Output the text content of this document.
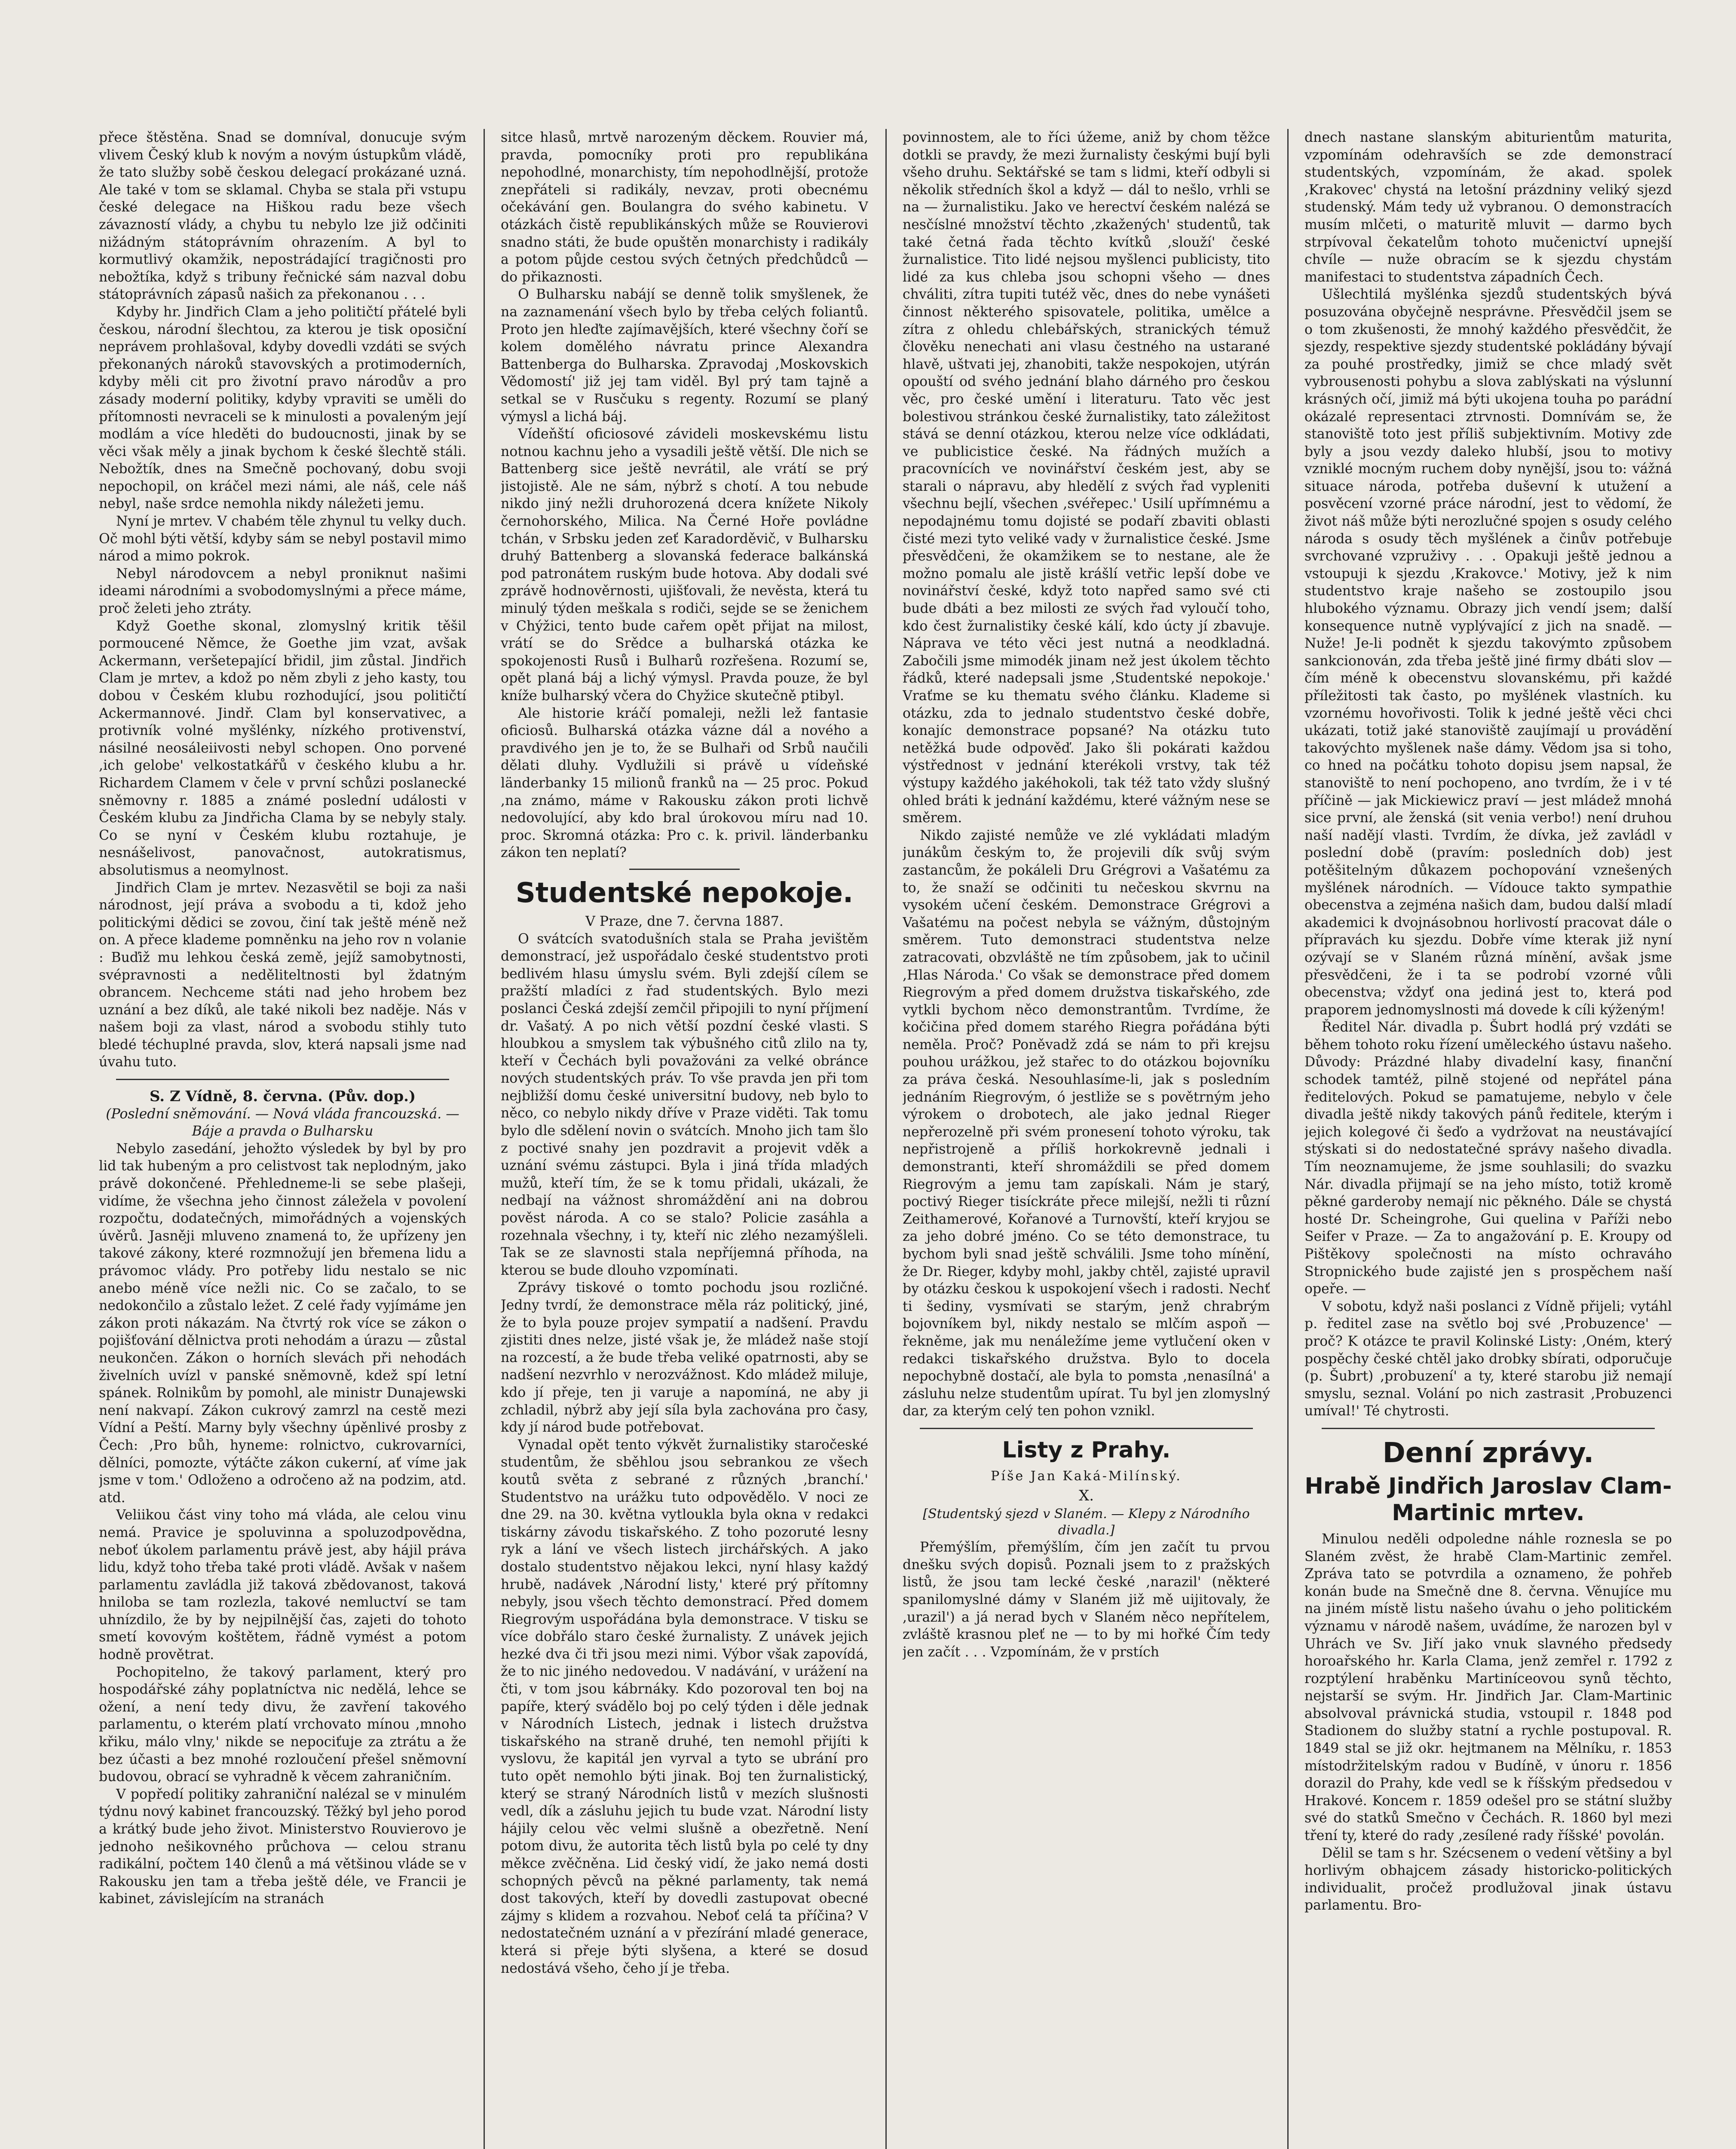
přece štěstěna. Snad se domníval, donucuje svým vlivem Český klub k novým a novým ústupkům vládě, že tato služby sobě českou delegací prokázané uzná. Ale také v tom se sklamal. Chyba se stala při vstupu české delegace na Hiškou radu beze všech závazností vlády, a chybu tu nebylo lze již odčiniti nižádným státoprávním ohrazením. A byl to kormutlivý okamžik, nepostrádající tragičnosti pro nebožtíka, když s tribuny řečnické sám nazval dobu státoprávních zápasů našich za překonanou . . .

Kdyby hr. Jindřich Clam a jeho političtí přátelé byli českou, národní šlechtou, za kterou je tisk oposiční neprávem prohlašoval, kdyby dovedli vzdáti se svých překonaných nároků stavovských a protimoderních, kdyby měli cit pro životní pravo národův a pro zásady moderní politiky, kdyby vpraviti se uměli do přítomnosti nevraceli se k minulosti a povaleným její modlám a více hleděti do budoucnosti, jinak by se věci však měly a jinak bychom k české šlechtě stáli. Nebožtík, dnes na Smečně pochovaný, dobu svoji nepochopil, on kráčel mezi námi, ale náš, cele náš nebyl, naše srdce nemohla nikdy náležeti jemu.

Nyní je mrtev. V chabém těle zhynul tu velky duch. Oč mohl býti větší, kdyby sám se nebyl postavil mimo národ a mimo pokrok.

Nebyl národovcem a nebyl proniknut našimi ideami národními a svobodomyslnými a přece máme, proč želeti jeho ztráty.

Když Goethe skonal, zlomyslný kritik těšil pormoucené Němce, že Goethe jim vzat, avšak Ackermann, veršetepající břidil, jim zůstal. Jindřich Clam je mrtev, a kdož po něm zbyli z jeho kasty, tou dobou v Českém klubu rozhodující, jsou političtí Ackermannové. Jindř. Clam byl konservativec, a protivník volné myšlénky, nízkého protivenství, násilné neosáleiivosti nebyl schopen. Ono porvené ,ich gelobe' velkostatkářů v českého klubu a hr. Richardem Clamem v čele v první schůzi poslanecké sněmovny r. 1885 a známé poslední události v Českém klubu za Jindřicha Clama by se nebyly staly. Co se nyní v Českém klubu roztahuje, je nesnášelivost, panovačnost, autokratismus, absolutismus a neomylnost.

Jindřich Clam je mrtev. Nezasvětil se boji za naši národnost, její práva a svobodu a ti, kdož jeho politickými dědici se zovou, činí tak ještě méně než on. A přece klademe pomněnku na jeho rov n volanie : Buďiž mu lehkou česká země, jejíž samobytnosti, svépravnosti a neděliteltnosti byl ždatným obrancem. Nechceme státi nad jeho hrobem bez uznání a bez díků, ale také nikoli bez naděje. Nás v našem boji za vlast, národ a svobodu stihly tuto bledé téchuplné pravda, slov, která napsali jsme nad úvahu tuto.

S. Z Vídně, 8. června. (Pův. dop.)

(Poslední sněmování. — Nová vláda francouzská. — Báje a pravda o Bulharsku

Nebylo zasedání, jehožto výsledek by byl by pro lid tak hubeným a pro celistvost tak neplodným, jako právě dokončené. Přehledneme-li se sebe plašeji, vidíme, že všechna jeho činnost záležela v povolení rozpočtu, dodatečných, mimořádných a vojenských úvěrů. Jasněji mluveno znamená to, že upřízeny jen takové zákony, které rozmnožují jen břemena lidu a právomoc vlády. Pro potřeby lidu nestalo se nic anebo méně více nežli nic. Co se začalo, to se nedokončilo a zůstalo ležet. Z celé řady vyjímáme jen zákon proti nákazám. Na čtvrtý rok více se zákon o pojišťování dělnictva proti nehodám a úrazu — zůstal neukončen. Zákon o horních slevách při nehodách živelních uvízl v panské sněmovně, kdež spí letní spánek. Rolnikům by pomohl, ale ministr Dunajewski není nakvapí. Zákon cukrový zamrzl na cestě mezi Vídní a Peští. Marny byly všechny úpěnlivé prosby z Čech: ,Pro bůh, hyneme: rolnictvo, cukrovarníci, dělníci, pomozte, výtáčte zákon cukerní, ať víme jak jsme v tom.' Odloženo a odročeno až na podzim, atd. atd.

Veliikou část viny toho má vláda, ale celou vinu nemá. Pravice je spoluvinna a spoluzodpovědna, neboť úkolem parlamentu právě jest, aby hájil práva lidu, když toho třeba také proti vládě. Avšak v našem parlamentu zavládla již taková zbědovanost, taková hniloba se tam rozlezla, takové nemluctví se tam uhnízdilo, že by by nejpilnější čas, zajeti do tohoto smetí kovovým koštětem, řádně vymést a potom hodně provětrat.

Pochopitelno, že takový parlament, který pro hospodářské záhy poplatníctva nic nedělá, lehce se ožení, a není tedy divu, že zavření takového parlamentu, o kterém platí vrchovato mínou ,mnoho křiku, málo vlny,' nikde se nepociťuje za ztrátu a že bez účasti a bez mnohé rozloučení přešel sněmovní budovou, obrací se vyhradně k věcem zahraničním.

V popředí politiky zahraniční nalézal se v minulém týdnu nový kabinet francouzský. Těžký byl jeho porod a krátký bude jeho život. Ministerstvo Rouvierovo je jednoho nešikovného průchova — celou stranu radikální, počtem 140 členů a má většinou vláde se v Rakousku jen tam a třeba ještě déle, ve Francii je kabinet, závislejícím na stranách

sitce hlasů, mrtvě narozeným děckem. Rouvier má, pravda, pomocníky proti pro republikána nepohodlné, monarchisty, tím nepohodlnější, protože znepřáteli si radikály, nevzav, proti obecnému očekávání gen. Boulangra do svého kabinetu. V otázkách čistě republikánských může se Rouvierovi snadno státi, že bude opuštěn monarchisty i radikály a potom půjde cestou svých četných předchůdců — do přikaznosti.

O Bulharsku nabájí se denně tolik smyšlenek, že na zaznamenání všech bylo by třeba celých foliantů. Proto jen hleďte zajímavějších, které všechny čoří se kolem domělého návratu prince Alexandra Battenberga do Bulharska. Zpravodaj ,Moskovskich Vědomostí' již jej tam viděl. Byl prý tam tajně a setkal se v Rusčuku s regenty. Rozumí se planý výmysl a lichá báj.

Vídeňští oficiosové závideli moskevskému listu notnou kachnu jeho a vysadili ještě větší. Dle nich se Battenberg sice ještě nevrátil, ale vrátí se prý jistojistě. Ale ne sám, nýbrž s chotí. A tou nebude nikdo jiný nežli druhorozená dcera knížete Nikoly černohorského, Milica. Na Černé Hoře povládne tchán, v Srbsku jeden zeť Karadorděvič, v Bulharsku druhý Battenberg a slovanská federace balkánská pod patronátem ruským bude hotova. Aby dodali své zprávě hodnověrnosti, ujišťovali, že nevěsta, která tu minulý týden meškala s rodiči, sejde se se ženichem v Chýžici, tento bude cařem opět přijat na milost, vrátí se do Srědce a bulharská otázka ke spokojenosti Rusů i Bulharů rozřešena. Rozumí se, opět planá báj a lichý výmysl. Pravda pouze, že byl kníže bulharský včera do Chyžice skutečně ptibyl.

Ale historie kráčí pomaleji, nežli lež fantasie oficiosů. Bulharská otázka vázne dál a nového a pravdivého jen je to, že se Bulhaři od Srbů naučili dělati dluhy. Vydlužili si právě u vídeňské länderbanky 15 milionů franků na — 25 proc. Pokud ,na známo, máme v Rakousku zákon proti lichvě nedovolující, aby kdo bral úrokovou míru nad 10. proc. Skromná otázka: Pro c. k. privil. länderbanku zákon ten neplatí?

Studentské nepokoje.

V Praze, dne 7. června 1887.

O svátcích svatodušních stala se Praha jevištěm demonstrací, jež uspořádalo české studentstvo proti bedlivém hlasu úmyslu svém. Byli zdejší cílem se pražští mladíci z řad studentských. Bylo mezi poslanci Česká zdejší zemčil připojili to nyní příjmení dr. Vašatý. A po nich větší pozdní české vlasti. S hloubkou a smyslem tak výbušného citů zlilo na ty, kteří v Čechách byli považováni za velké obránce nových studentských práv. To vše pravda jen při tom nejbližší domu české universitní budovy, neb bylo to něco, co nebylo nikdy dříve v Praze viděti. Tak tomu bylo dle sdělení novin o svátcích. Mnoho jich tam šlo z poctivé snahy jen pozdravit a projevit vděk a uznání svému zástupci. Byla i jiná třída mladých mužů, kteří tím, že se k tomu přidali, ukázali, že nedbají na vážnost shromáždění ani na dobrou pověst národa. A co se stalo? Policie zasáhla a rozehnala všechny, i ty, kteří nic zlého nezamýšleli. Tak se ze slavnosti stala nepříjemná příhoda, na kterou se bude dlouho vzpomínati.

Zprávy tiskové o tomto pochodu jsou rozličné. Jedny tvrdí, že demonstrace měla ráz politický, jiné, že to byla pouze projev sympatií a nadšení. Pravdu zjistiti dnes nelze, jisté však je, že mládež naše stojí na rozcestí, a že bude třeba veliké opatrnosti, aby se nadšení nezvrhlo v nerozvážnost. Kdo mládež miluje, kdo jí přeje, ten ji varuje a napomíná, ne aby ji zchladil, nýbrž aby její síla byla zachována pro časy, kdy jí národ bude potřebovat.

Vynadal opět tento výkvět žurnalistiky staročeské studentům, že sběhlou jsou sebrankou ze všech koutů světa z sebrané z různých ,branchí.' Studentstvo na urážku tuto odpovědělo. V noci ze dne 29. na 30. května vytloukla byla okna v redakci tiskárny závodu tiskařského. Z toho pozoruté lesny ryk a lání ve všech listech jirchářských. A jako dostalo studentstvo nějakou lekci, nyní hlasy každý hrubě, nadávek ,Národní listy,' které prý přítomny nebyly, jsou všech těchto demonstrací. Před domem Riegrovým uspořádána byla demonstrace. V tisku se více dobřálo staro české žurnalisty. Z unávek jejich hezké dva či tři jsou mezi nimi. Výbor však zapovídá, že to nic jiného nedovedou. V nadávání, v urážení na čti, v tom jsou kábrnáky. Kdo pozoroval ten boj na papíře, který svádělo boj po celý týden i děle jednak v Národních Listech, jednak i listech družstva tiskařského na straně druhé, ten nemohl přijíti k vyslovu, že kapitál jen vyrval a tyto se ubrání pro tuto opět nemohlo býti jinak. Boj ten žurnalistický, který se straný Národních listů v mezích slušnosti vedl, dík a zásluhu jejich tu bude vzat. Národní listy hájily celou věc velmi slušně a obezřetně. Není potom divu, že autorita těch listů byla po celé ty dny měkce zvěčněna. Lid český vidí, že jako nemá dosti schopných pěvců na pěkné parlamenty, tak nemá dost takových, kteří by dovedli zastupovat obecné zájmy s klidem a rozvahou. Neboť celá ta příčina? V nedostatečném uznání a v přezírání mladé generace, která si přeje býti slyšena, a které se dosud nedostává všeho, čeho jí je třeba.

povinnostem, ale to říci úžeme, aniž by chom těžce dotkli se pravdy, že mezi žurnalisty českými bují byli všeho druhu. Sektářské se tam s lidmi, kteří odbyli si několik středních škol a když — dál to nešlo, vrhli se na — žurnalistiku. Jako ve herectví českém nalézá se nesčíslné množství těchto ,zkažených' studentů, tak také četná řada těchto kvítků ,slouží' české žurnalistice. Tito lidé nejsou myšlenci publicisty, tito lidé za kus chleba jsou schopni všeho — dnes chváliti, zítra tupiti tutéž věc, dnes do nebe vynášeti činnost některého spisovatele, politika, umělce a zítra z ohledu chlebářských, stranických témuž člověku nenechati ani vlasu čestného na ustarané hlavě, uštvati jej, zhanobiti, takže nespokojen, utýrán opouští od svého jednání blaho dárného pro českou věc, pro české umění i literaturu. Tato věc jest bolestivou stránkou české žurnalistiky, tato záležitost stává se denní otázkou, kterou nelze více odkládati, ve publicistice české. Na řádných mužích a pracovnících ve novinářství českém jest, aby se starali o nápravu, aby hledělí z svých řad vypleniti všechnu bejlí, všechen ,svéřepec.' Usilí upřímnému a nepodajnému tomu dojisté se podaří zbaviti oblasti čisté mezi tyto veliké vady v žurnalistice české. Jsme přesvědčeni, že okamžikem se to nestane, ale že možno pomalu ale jistě krášlí vetřic lepší dobe ve novinářství české, když toto napřed samo své cti bude dbáti a bez milosti ze svých řad vyloučí toho, kdo čest žurnalistiky české kálí, kdo úcty jí zbavuje. Náprava ve této věci jest nutná a neodkladná. Zabočili jsme mimodék jinam než jest úkolem těchto řádků, které nadepsali jsme ,Studentské nepokoje.' Vraťme se ku thematu svého článku. Klademe si otázku, zda to jednalo studentstvo české dobře, konajíc demonstrace popsané? Na otázku tuto netěžká bude odpověď. Jako šli pokárati každou výstřednost v jednání kterékoli vrstvy, tak též výstupy každého jakéhokoli, tak též tato vždy slušný ohled bráti k jednání každému, které vážným nese se směrem.

Nikdo zajisté nemůže ve zlé vykládati mladým junákům českým to, že projevili dík svůj svým zastancům, že pokáleli Dru Grégrovi a Vašatému za to, že snaží se odčiniti tu nečeskou skvrnu na vysokém učení českém. Demonstrace Grégrovi a Vašatému na počest nebyla se vážným, důstojným směrem. Tuto demonstraci studentstva nelze zatracovati, obzvláště ne tím způsobem, jak to učinil ,Hlas Národa.' Co však se demonstrace před domem Riegrovým a před domem družstva tiskařského, zde vytkli bychom něco demonstrantům. Tvrdíme, že kočičina před domem starého Riegra pořádána býti neměla. Proč? Poněvadž zdá se nám to při krejsu pouhou urážkou, jež stařec to do otázkou bojovníku za práva česká. Nesouhlasíme-li, jak s posledním jednáním Riegrovým, ó jestliže se s povětrným jeho výrokem o drobotech, ale jako jednal Rieger nepřerozelně při svém pronesení tohoto výroku, tak nepřistrojeně a příliš horkokrevně jednali i demonstranti, kteří shromáždili se před domem Riegrovým a jemu tam zapískali. Nám je starý, poctivý Rieger tisíckráte přece milejší, nežli ti různí Zeithamerové, Kořanové a Turnovští, kteří kryjou se za jeho dobré jméno. Co se této demonstrace, tu bychom byli snad ještě schválili. Jsme toho mínění, že Dr. Rieger, kdyby mohl, jakby chtěl, zajisté upravil by otázku českou k uspokojení všech i radosti. Nechť ti šediny, vysmívati se starým, jenž chrabrým bojovníkem byl, nikdy nestalo se mlčím aspoň — řekněme, jak mu nenáležíme jeme vytlučení oken v redakci tiskařského družstva. Bylo to docela nepochybně dostačí, ale byla to pomsta ,nenasílná' a zásluhu nelze studentům upírat. Tu byl jen zlomyslný dar, za kterým celý ten pohon vznikl.

Listy z Prahy.
Píše Jan Kaká-Milínský.
X.
[Studentský sjezd v Slaném. — Klepy z Národního divadla.]

Přemýšlím, přemýšlím, čím jen začít tu prvou dnešku svých dopisů. Poznali jsem to z pražských listů, že jsou tam lecké české ,narazil' (některé spanilomyslné dámy v Slaném již mě uijitovaly, že ,urazil') a já nerad bych v Slaném něco nepřítelem, zvláště krasnou pleť ne — to by mi hořké Čím tedy jen začít . . . Vzpomínám, že v prstích

dnech nastane slanským abiturientům maturita, vzpomínám odehravších se zde demonstrací studentských, vzpomínám, že akad. spolek ,Krakovec' chystá na letošní prázdniny veliký sjezd studenský. Mám tedy už vybranou. O demonstracích musím mlčeti, o maturitě mluvit — darmo bych strpívoval čekatelům tohoto mučenictví upnejší chvíle — nuže obracím se k sjezdu chystám manifestaci to studentstva západních Čech.

Ušlechtilá myšlénka sjezdů studentských bývá posuzována obyčejně nesprávne. Přesvědčil jsem se o tom zkušenosti, že mnohý každého přesvědčit, že sjezdy, respektive sjezdy studentské pokládány bývají za pouhé prostředky, jimiž se chce mladý svět vybrousenosti pohybu a slova zablýskati na výslunní krásných očí, jimiž má býti ukojena touha po parádní okázalé representaci ztrvnosti. Domnívám se, že stanoviště toto jest příliš subjektivním. Motivy zde byly a jsou vezdy daleko hlubší, jsou to motivy vzniklé mocným ruchem doby nynější, jsou to: vážná situace národa, potřeba duševní k utužení a posvěcení vzorné práce národní, jest to vědomí, že život náš může býti nerozlučné spojen s osudy celého národa s osudy těch myšlének a činův potřebuje svrchované vzpruživy . . . Opakuji ještě jednou a vstoupuji k sjezdu ,Krakovce.' Motivy, jež k nim studentstvo kraje našeho se zostoupilo jsou hlubokého významu. Obrazy jich vendí jsem; další konsequence nutně vyplývající z jich na snadě. — Nuže! Je-li podnět k sjezdu takovýmto způsobem sankcionován, zda třeba ještě jiné firmy dbáti slov — čím méně k obecenstvu slovanskému, při každé příležitosti tak často, po myšlének vlastních. ku vzornému hovořivosti. Tolik k jedné ještě věci chci ukázati, totiž jaké stanoviště zaujímají u provádění takovýchto myšlenek naše dámy. Vědom jsa si toho, co hned na počátku tohoto dopisu jsem napsal, že stanoviště to není pochopeno, ano tvrdím, že i v té příčině — jak Mickiewicz praví — jest mládež mnohá sice první, ale ženská (sit venia verbo!) není druhou naší nadějí vlasti. Tvrdím, že dívka, jež zavládl v poslední době (pravím: posledních dob) jest potěšitelným důkazem pochopování vznešených myšlének národních. — Vídouce takto sympathie obecenstva a zejména našich dam, budou další mladí akademici k dvojnásobnou horlivostí pracovat dále o přípravách ku sjezdu. Dobře víme kterak již nyní ozývají se v Slaném různá mínění, avšak jsme přesvědčeni, že i ta se podrobí vzorné vůli obecenstva; vždyť ona jediná jest to, která pod praporem jednomyslnosti má dovede k cíli kýženým!

Ředitel Nár. divadla p. Šubrt hodlá prý vzdáti se během tohoto roku řízení uměleckého ústavu našeho. Důvody: Prázdné hlaby divadelní kasy, finanční schodek tamtéž, pilně stojené od nepřátel pána ředitelových. Pokud se pamatujeme, nebylo v čele divadla ještě nikdy takových pánů ředitele, kterým i jejich kolegové či šeďo a vydržovat na neustávající stýskati si do nedostatečné správy našeho divadla. Tím neoznamujeme, že jsme souhlasili; do svazku Nár. divadla přijmají se na jeho místo, totiž kromě pěkné garderoby nemají nic pěkného. Dále se chystá hosté Dr. Scheingrohe, Gui quelina v Paříži nebo Seifer v Praze. — Za to angažování p. E. Kroupy od Pištěkovy společnosti na místo ochraváho Stropnického bude zajisté jen s prospěchem naší opeře. —

V sobotu, když naši poslanci z Vídně přijeli; vytáhl p. ředitel zase na světlo boj své ,Probuzence' — proč? K otázce te pravil Kolinské Listy: ,Oném, který pospěchy české chtěl jako drobky sbírati, odporučuje (p. Šubrt) ,probuzení' a ty, které starobu již nemají smyslu, seznal. Volání po nich zastrasit ,Probuzenci umíval!' Té chytrosti.

Denní zprávy.
Hrabě Jindřich Jaroslav Clam-Martinic mrtev.

Minulou neděli odpoledne náhle roznesla se po Slaném zvěst, že hrabě Clam-Martinic zemřel. Zpráva tato se potvrdila a oznameno, že pohřeb konán bude na Smečně dne 8. června. Věnujíce mu na jiném místě listu našeho úvahu o jeho politickém významu v národě našem, uvádíme, že narozen byl v Uhrách ve Sv. Jiří jako vnuk slavného předsedy horoařského hr. Karla Clama, jenž zemřel r. 1792 z rozptýlení hraběnku Martiníceovou synů těchto, nejstarší se svým. Hr. Jindřich Jar. Clam-Martinic absolvoval právnická studia, vstoupil r. 1848 pod Stadionem do služby statní a rychle postupoval. R. 1849 stal se již okr. hejtmanem na Mělníku, r. 1853 místodržitelským radou v Budíně, v únoru r. 1856 dorazil do Prahy, kde vedl se k říšským předsedou v Hrakové. Koncem r. 1859 odešel pro se státní služby své do statků Smečno v Čechách. R. 1860 byl mezi tření ty, které do rady ,zesílené rady říšské' povolán.

Dělil se tam s hr. Szécsenem o vedení většiny a byl horlivým obhajcem zásady historicko-politických individualit, pročež prodlužoval jinak ústavu parlamentu. Bro-
